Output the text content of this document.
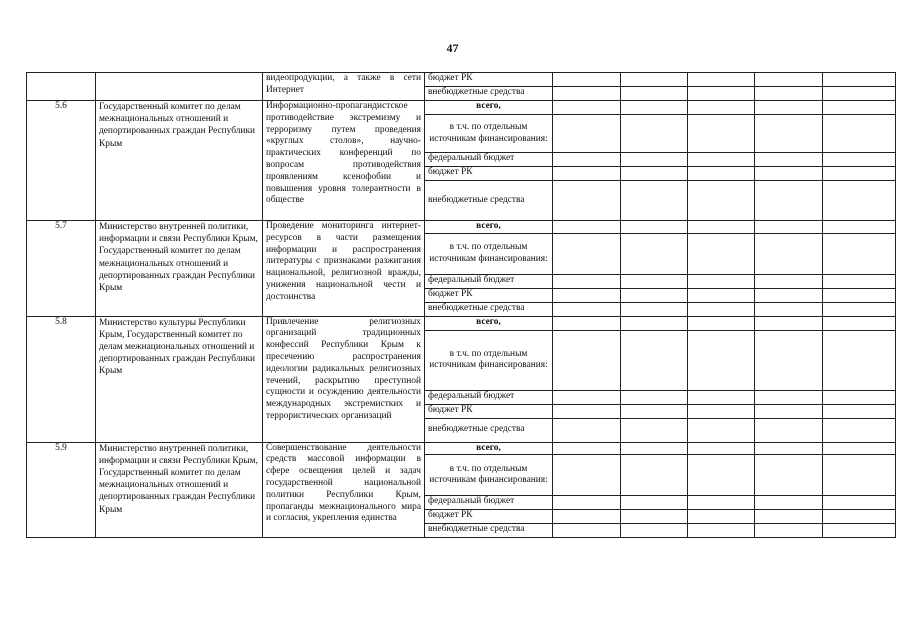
47
		видеопродукции, а также в сети Интернет	бюджет РК					
			внебюджетные средства					
5.6	Государственный комитет по делам межнациональных отношений и депортированных граждан Республики Крым	Информационно-пропагандистское противодействие экстремизму и терроризму путем проведения «круглых столов», научно-практических конференций по вопросам противодействия проявлениям ксенофобии и повышения уровня толерантности в обществе	всего,					
			в т.ч. по отдельным источникам финансирования:					
			федеральный бюджет					
			бюджет РК					
			внебюджетные средства					
5.7	Министерство внутренней политики, информации и связи Республики Крым, Государственный комитет по делам межнациональных отношений и депортированных граждан Республики Крым	Проведение мониторинга интернет-ресурсов в части размещения информации и распространения литературы с признаками разжигания национальной, религиозной вражды, унижения национальной чести и достоинства	всего,					
			в т.ч. по отдельным источникам финансирования:					
			федеральный бюджет					
			бюджет РК					
			внебюджетные средства					
5.8	Министерство культуры Республики Крым, Государственный комитет по делам межнациональных отношений и депортированных граждан Республики Крым	Привлечение религиозных организаций традиционных конфессий Республики Крым к пресечению распространения идеологии радикальных религиозных течений, раскрытию преступной сущности и осуждению деятельности международных экстремистких и террористических организаций	всего,					
			в т.ч. по отдельным источникам финансирования:					
			федеральный бюджет					
			бюджет РК					
			внебюджетные средства					
5.9	Министерство внутренней политики, информации и связи Республики Крым, Государственный комитет по делам межнациональных отношений и депортированных граждан Республики Крым	Совершенствование деятельности средств массовой информации в сфере освещения целей и задач государственной национальной политики Республики Крым, пропаганды межнационального мира и согласия, укрепления единства	всего,					
			в т.ч. по отдельным источникам финансирования:					
			федеральный бюджет					
			бюджет РК					
			внебюджетные средства					
